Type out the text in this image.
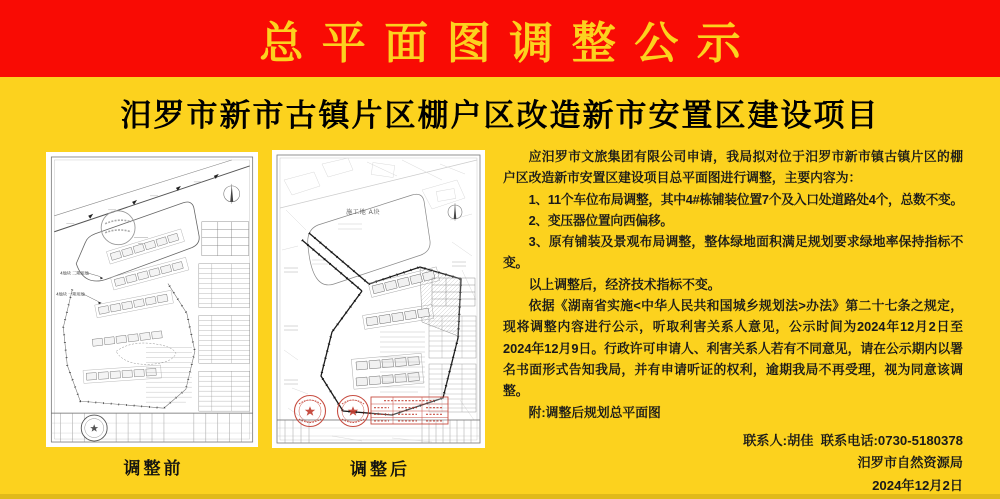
总平面图调整公示
汨罗市新市古镇片区棚户区改造新市安置区建设项目
4地块 二期用地
4地块 一期用地
调整前
施工地 A块
调整后

应汨罗市文旅集团有限公司申请，我局拟对位于汨罗市新市镇古镇片区的棚户区改造新市安置区建设项目总平面图进行调整，主要内容为：

1、11个车位布局调整，其中4#栋铺装位置7个及入口处道路处4个，总数不变。

2、变压器位置向西偏移。

3、原有铺装及景观布局调整，整体绿地面积满足规划要求绿地率保持指标不变。

以上调整后，经济技术指标不变。

依据《湖南省实施<中华人民共和国城乡规划法>办法》第二十七条之规定，现将调整内容进行公示，听取利害关系人意见，公示时间为2024年12月2日至2024年12月9日。行政许可申请人、利害关系人若有不同意见，请在公示期内以署名书面形式告知我局，并有申请听证的权利，逾期我局不再受理，视为同意该调整。

附:调整后规划总平面图

联系人:胡佳  联系电话:0730-5180378
汨罗市自然资源局
2024年12月2日
